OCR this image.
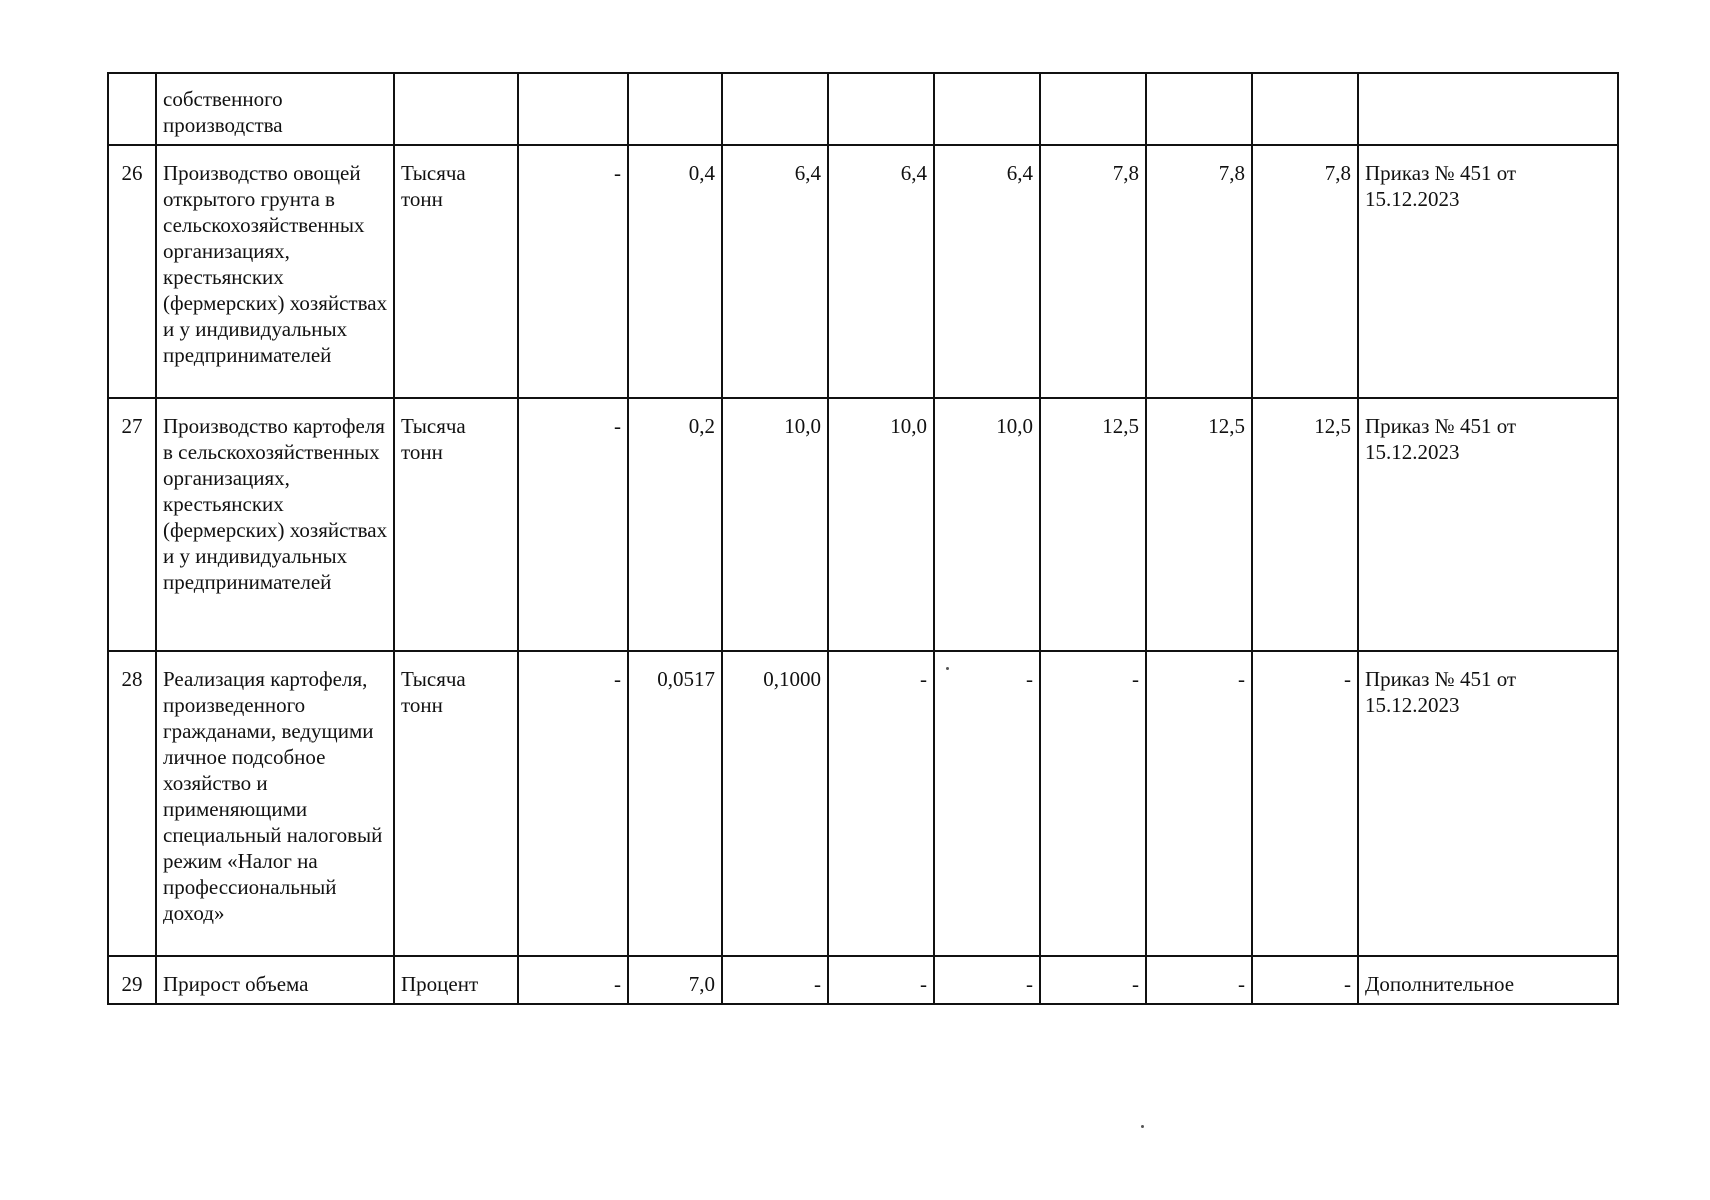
	собственного производства										
26	Производство овощей открытого грунта в сельскохозяйственных организациях, крестьянских (фермерских) хозяйствах и у индивидуальных предпринимателей	Тысяча тонн	-	0,4	6,4	6,4	6,4	7,8	7,8	7,8	Приказ № 451 от 15.12.2023
27	Производство картофеля в сельскохозяйственных организациях, крестьянских (фермерских) хозяйствах и у индивидуальных предпринимателей	Тысяча тонн	-	0,2	10,0	10,0	10,0	12,5	12,5	12,5	Приказ № 451 от 15.12.2023
28	Реализация картофеля, произведенного гражданами, ведущими личное подсобное хозяйство и применяющими специальный налоговый режим «Налог на профессиональный доход»	Тысяча тонн	-	0,0517	0,1000	-	-	-	-	-	Приказ № 451 от 15.12.2023
29	Прирост объема	Процент	-	7,0	-	-	-	-	-	-	Дополнительное
